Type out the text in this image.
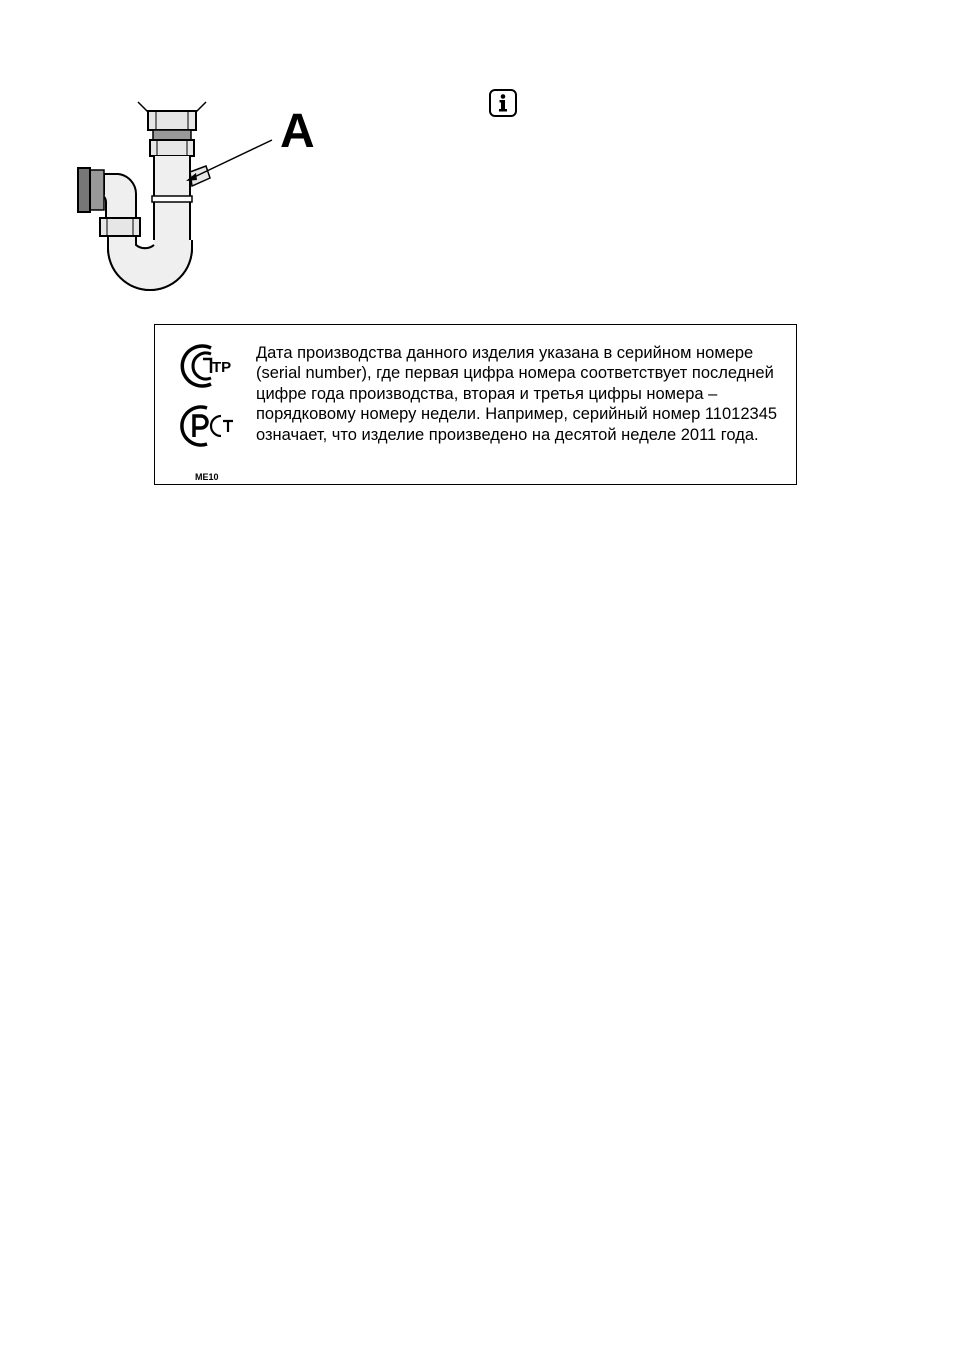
A
ТР
ME10

Дата производства данного изделия указана в серийном номере (serial number), где первая цифра номера соответствует последней цифре года производства, вторая и третья цифры номера – порядковому номеру недели. Например, серийный номер 11012345 означает, что изделие произведено на десятой неделе 2011 года.
